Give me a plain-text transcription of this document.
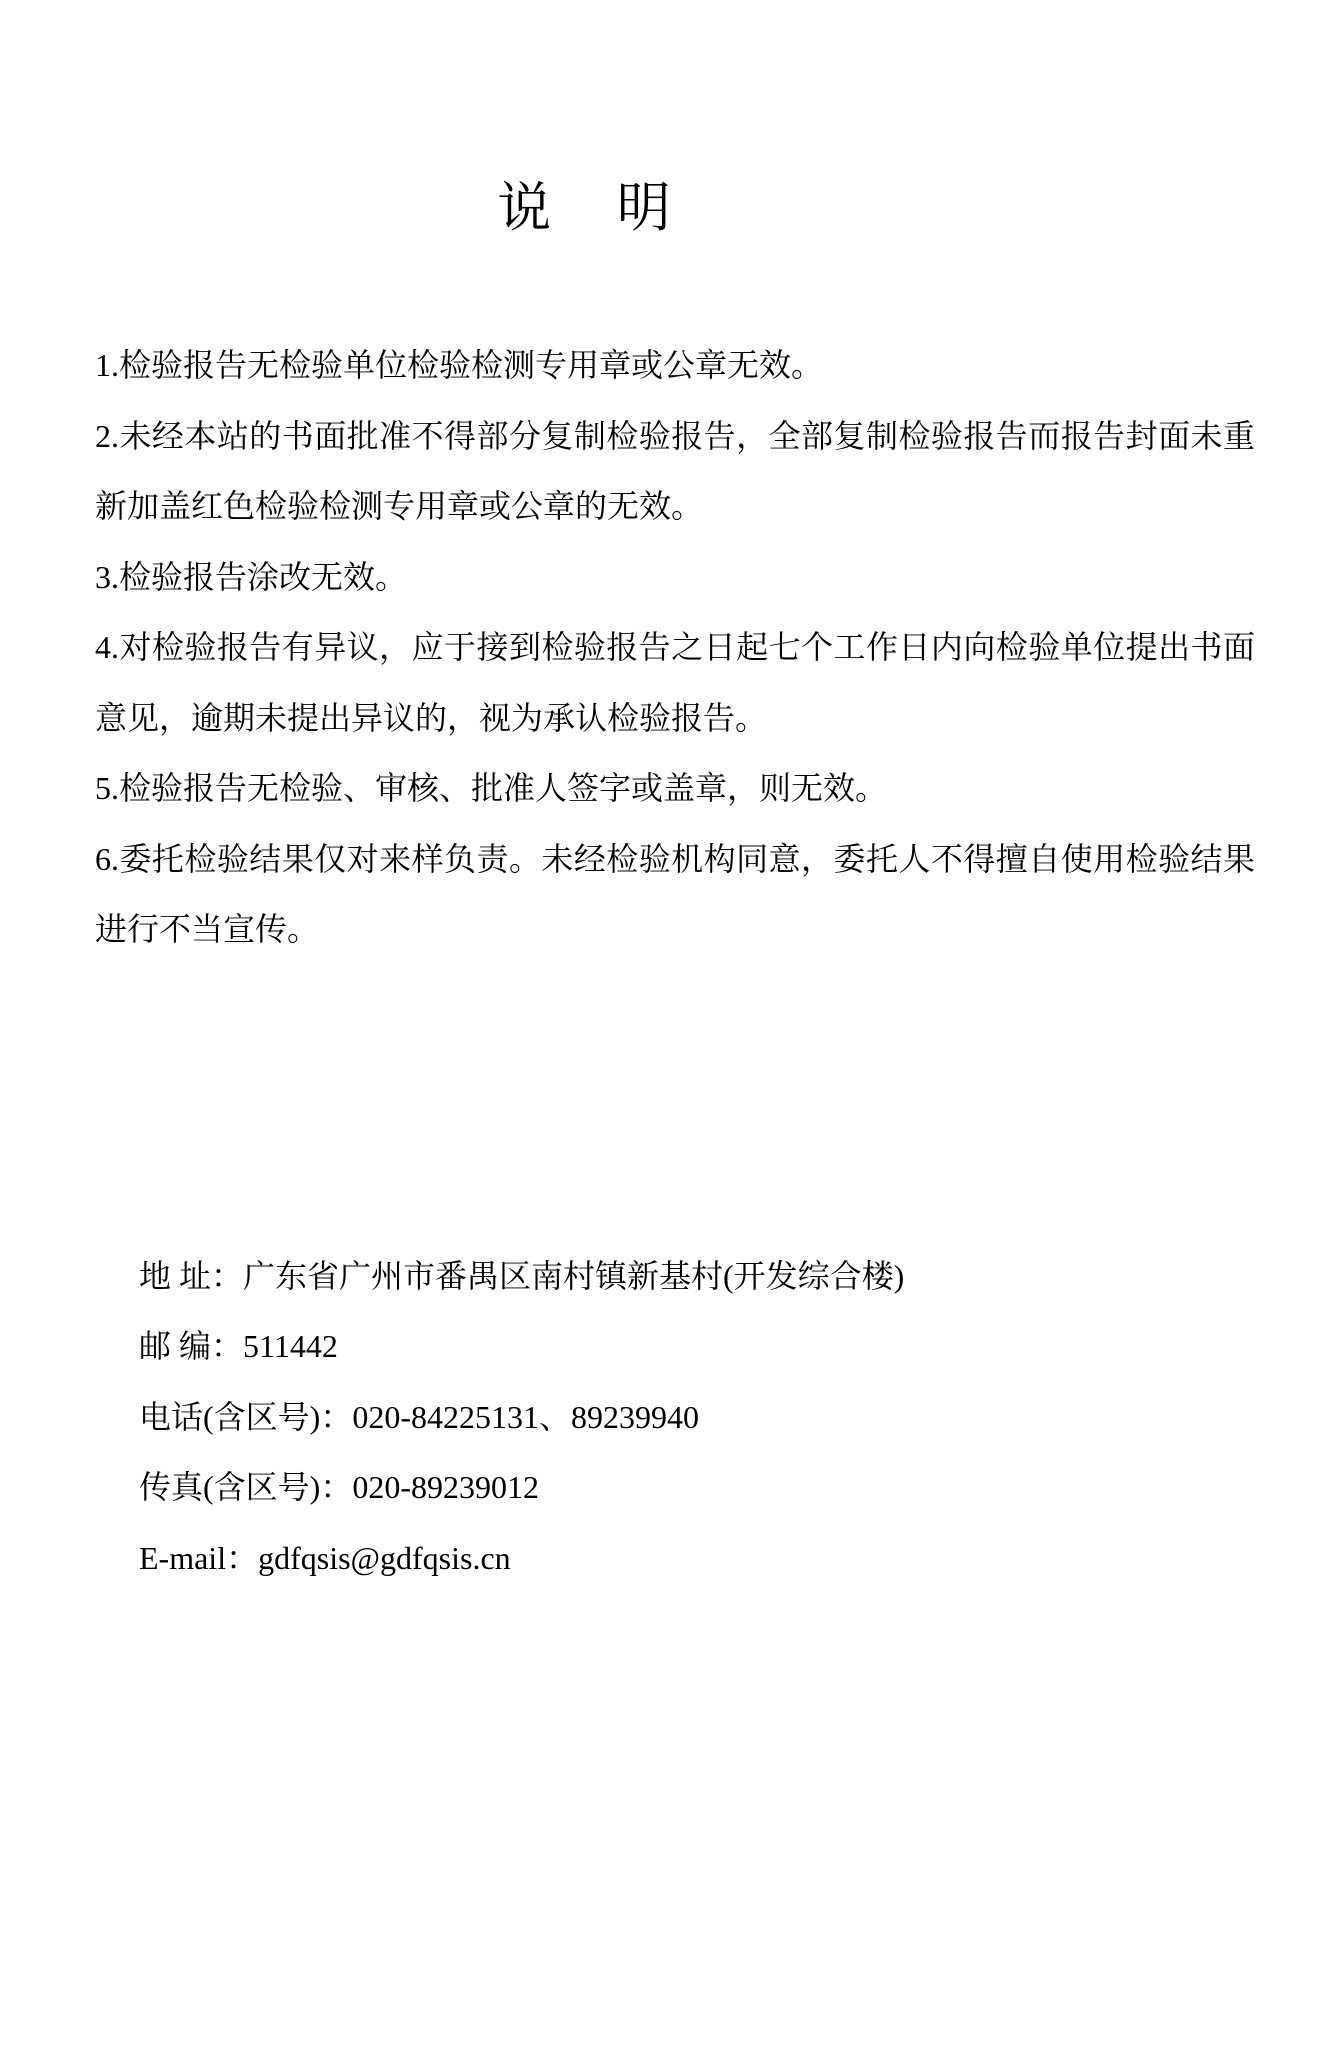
说 明

1.检验报告无检验单位检验检测专用章或公章无效。

2.未经本站的书面批准不得部分复制检验报告，全部复制检验报告而报告封面未重新加盖红色检验检测专用章或公章的无效。

3.检验报告涂改无效。

4.对检验报告有异议，应于接到检验报告之日起七个工作日内向检验单位提出书面意见，逾期未提出异议的，视为承认检验报告。

5.检验报告无检验、审核、批准人签字或盖章，则无效。

6.委托检验结果仅对来样负责。未经检验机构同意，委托人不得擅自使用检验结果进行不当宣传。

地 址：广东省广州市番禺区南村镇新基村(开发综合楼)

邮 编：511442

电话(含区号)：020-84225131、89239940

传真(含区号)：020-89239012

E-mail：gdfqsis@gdfqsis.cn
